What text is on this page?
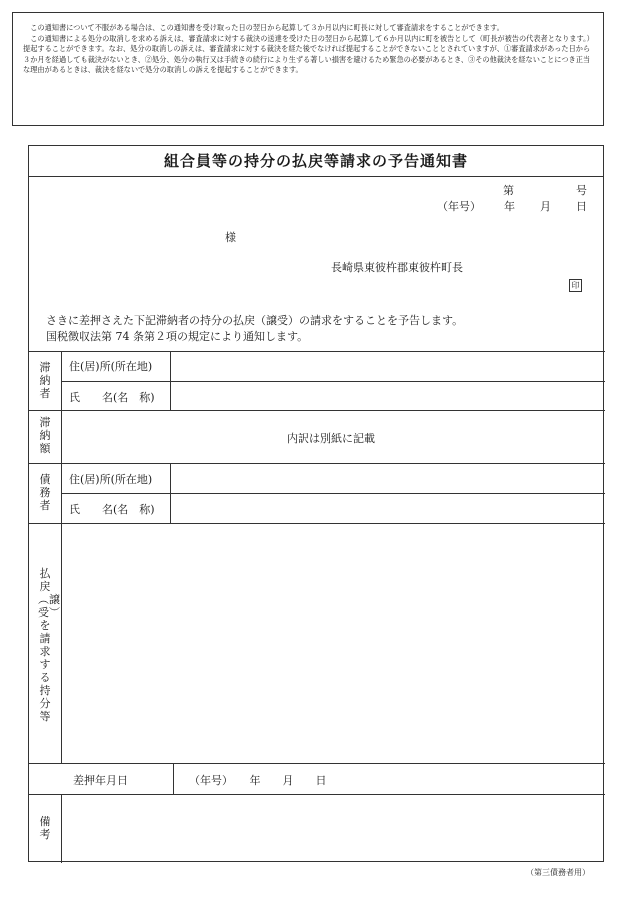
この通知書について不服がある場合は、この通知書を受け取った日の翌日から起算して３か月以内に町長に対して審査請求をすることができます。

この通知書による処分の取消しを求める訴えは、審査請求に対する裁決の送達を受けた日の翌日から起算して６か月以内に町を被告として（町長が被告の代表者となります。）提起することができます。なお、処分の取消しの訴えは、審査請求に対する裁決を経た後でなければ提起することができないこととされていますが、①審査請求があった日から３か月を経過しても裁決がないとき、②処分、処分の執行又は手続きの続行により生ずる著しい損害を避けるため緊急の必要があるとき、③その他裁決を経ないことにつき正当な理由があるときは、裁決を経ないで処分の取消しの訴えを提起することができます。

組合員等の持分の払戻等請求の予告通知書
第	号
（年号） 年 月 日
様
長崎県東彼杵郡東彼杵町長
印
さきに差押さえた下記滞納者の持分の払戻（譲受）の請求をすることを予告します。
国税徴収法第 74 条第２項の規定により通知します。
滞納者
住(居)所(所在地)
氏　　名(名　称)
滞納額
内訳は別紙に記載
債務者
住(居)所(所在地)
氏　　名(名　称)
払戻︵譲受︶を請求する持分等
差押年月日	（年号）　　年　　月　　日
備考
（第三債務者用）
